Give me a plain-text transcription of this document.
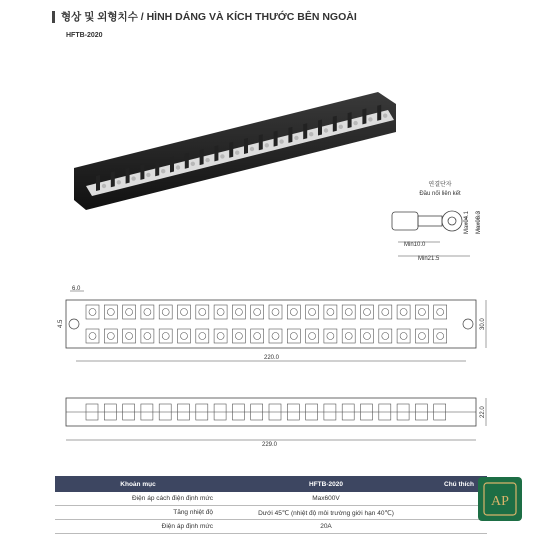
형상 및 외형치수 / HÌNH DÁNG VÀ KÍCH THƯỚC BÊN NGOÀI
HFTB-2020
연결단자
Đầu nối liên kết
Min10.0
Min21.5
Max04.1 Max08.3
6.0
4.5
220.0
30.0
229.0
22.0
Khoản mục	HFTB-2020	Chú thích
Điện áp cách điện định mức	Max600V	
Tăng nhiệt độ	Dưới 45℃ (nhiệt độ môi trường giới hạn 40℃)	
Điện áp định mức	20A	
AP
